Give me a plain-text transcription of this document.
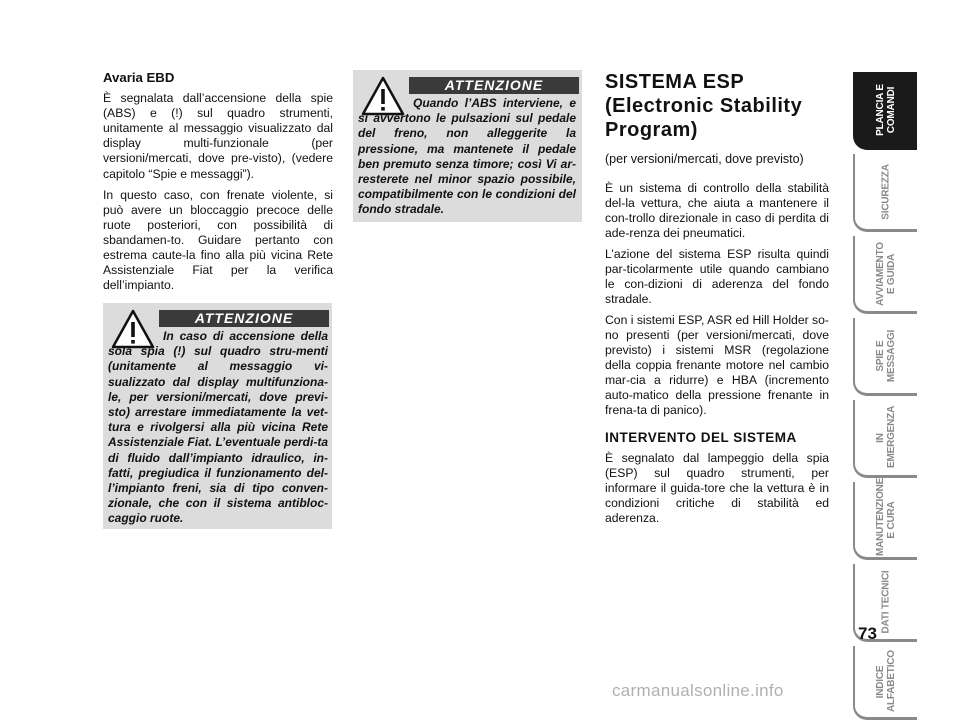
Avaria EBD

È segnalata dall’accensione della spie (ABS) e (!) sul quadro strumenti, unitamente al messaggio visualizzato dal display multi-funzionale (per versioni/mercati, dove pre-visto), (vedere capitolo “Spie e messaggi”).

In questo caso, con frenate violente, si può avere un bloccaggio precoce delle ruote posteriori, con possibilità di sbandamen-to. Guidare pertanto con estrema caute-la fino alla più vicina Rete Assistenziale Fiat per la verifica dell’impianto.

ATTENZIONE
Quando l’ABS interviene, e si avvertono le pulsazioni sul pedale del freno, non alleggerite la pressione, ma mantenete il pedale ben premuto senza timore; così Vi ar-resterete nel minor spazio possibile, compatibilmente con le condizioni del fondo stradale.
ATTENZIONE
In caso di accensione della sola spia (!) sul quadro stru-menti (unitamente al messaggio vi-sualizzato dal display multifunziona-le, per versioni/mercati, dove previ-sto) arrestare immediatamente la vet-tura e rivolgersi alla più vicina Rete Assistenziale Fiat. L’eventuale perdi-ta di fluido dall’impianto idraulico, in-fatti, pregiudica il funzionamento del-l’impianto freni, sia di tipo conven-zionale, che con il sistema antibloc-caggio ruote.
SISTEMA ESP (Electronic Stability Program)
(per versioni/mercati, dove previsto)

È un sistema di controllo della stabilità del-la vettura, che aiuta a mantenere il con-trollo direzionale in caso di perdita di ade-renza dei pneumatici.

L’azione del sistema ESP risulta quindi par-ticolarmente utile quando cambiano le con-dizioni di aderenza del fondo stradale.

Con i sistemi ESP, ASR ed Hill Holder so-no presenti (per versioni/mercati, dove previsto) i sistemi MSR (regolazione della coppia frenante motore nel cambio mar-cia a ridurre) e HBA (incremento auto-matico della pressione frenante in frena-ta di panico).

INTERVENTO DEL SISTEMA

È segnalato dal lampeggio della spia (ESP) sul quadro strumenti, per informare il guida-tore che la vettura è in condizioni critiche di stabilità ed aderenza.

PLANCIA E COMANDI
SICUREZZA
AVVIAMENTO E GUIDA
SPIE E MESSAGGI
IN EMERGENZA
MANUTENZIONE E CURA
DATI TECNICI
INDICE ALFABETICO
73
carmanualsonline.info
